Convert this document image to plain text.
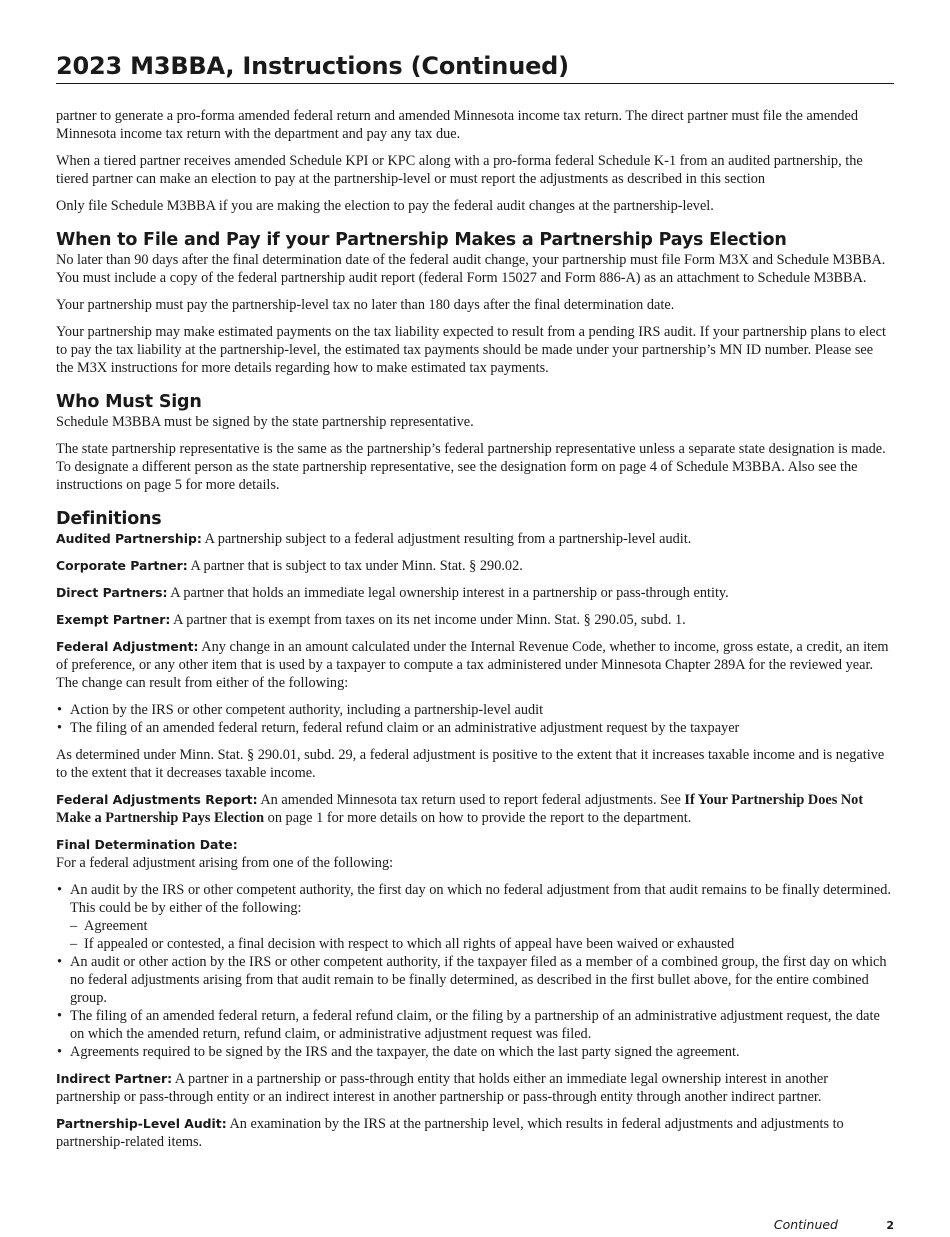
2023 M3BBA, Instructions (Continued)

partner to generate a pro-forma amended federal return and amended Minnesota income tax return. The direct partner must file the amended Minnesota income tax return with the department and pay any tax due.

When a tiered partner receives amended Schedule KPI or KPC along with a pro-forma federal Schedule K-1 from an audited partnership, the tiered partner can make an election to pay at the partnership-level or must report the adjustments as described in this section

Only file Schedule M3BBA if you are making the election to pay the federal audit changes at the partnership-level.

When to File and Pay if your Partnership Makes a Partnership Pays Election

No later than 90 days after the final determination date of the federal audit change, your partnership must file Form M3X and Schedule M3BBA. You must include a copy of the federal partnership audit report (federal Form 15027 and Form 886-A) as an attachment to Schedule M3BBA.

Your partnership must pay the partnership-level tax no later than 180 days after the final determination date.

Your partnership may make estimated payments on the tax liability expected to result from a pending IRS audit. If your partnership plans to elect to pay the tax liability at the partnership-level, the estimated tax payments should be made under your partnership’s MN ID number. Please see the M3X instructions for more details regarding how to make estimated tax payments.

Who Must Sign

Schedule M3BBA must be signed by the state partnership representative.

The state partnership representative is the same as the partnership’s federal partnership representative unless a separate state designation is made. To designate a different person as the state partnership representative, see the designation form on page 4 of Schedule M3BBA. Also see the instructions on page 5 for more details.

Definitions

Audited Partnership: A partnership subject to a federal adjustment resulting from a partnership-level audit.

Corporate Partner: A partner that is subject to tax under Minn. Stat. § 290.02.

Direct Partners: A partner that holds an immediate legal ownership interest in a partnership or pass-through entity.

Exempt Partner: A partner that is exempt from taxes on its net income under Minn. Stat. § 290.05, subd. 1.

Federal Adjustment: Any change in an amount calculated under the Internal Revenue Code, whether to income, gross estate, a credit, an item of preference, or any other item that is used by a taxpayer to compute a tax administered under Minnesota Chapter 289A for the reviewed year. The change can result from either of the following:

• Action by the IRS or other competent authority, including a partnership-level audit
• The filing of an amended federal return, federal refund claim or an administrative adjustment request by the taxpayer

As determined under Minn. Stat. § 290.01, subd. 29, a federal adjustment is positive to the extent that it increases taxable income and is negative to the extent that it decreases taxable income.

Federal Adjustments Report: An amended Minnesota tax return used to report federal adjustments. See If Your Partnership Does Not Make a Partnership Pays Election on page 1 for more details on how to provide the report to the department.

Final Determination Date:

For a federal adjustment arising from one of the following:

• An audit by the IRS or other competent authority, the first day on which no federal adjustment from that audit remains to be finally determined. This could be by either of the following:
– Agreement
– If appealed or contested, a final decision with respect to which all rights of appeal have been waived or exhausted
• An audit or other action by the IRS or other competent authority, if the taxpayer filed as a member of a combined group, the first day on which no federal adjustments arising from that audit remain to be finally determined, as described in the first bullet above, for the entire combined group.
• The filing of an amended federal return, a federal refund claim, or the filing by a partnership of an administrative adjustment request, the date on which the amended return, refund claim, or administrative adjustment request was filed.
• Agreements required to be signed by the IRS and the taxpayer, the date on which the last party signed the agreement.

Indirect Partner: A partner in a partnership or pass-through entity that holds either an immediate legal ownership interest in another partnership or pass-through entity or an indirect interest in another partnership or pass-through entity through another indirect partner.

Partnership-Level Audit: An examination by the IRS at the partnership level, which results in federal adjustments and adjustments to partnership-related items.

Continued	2
